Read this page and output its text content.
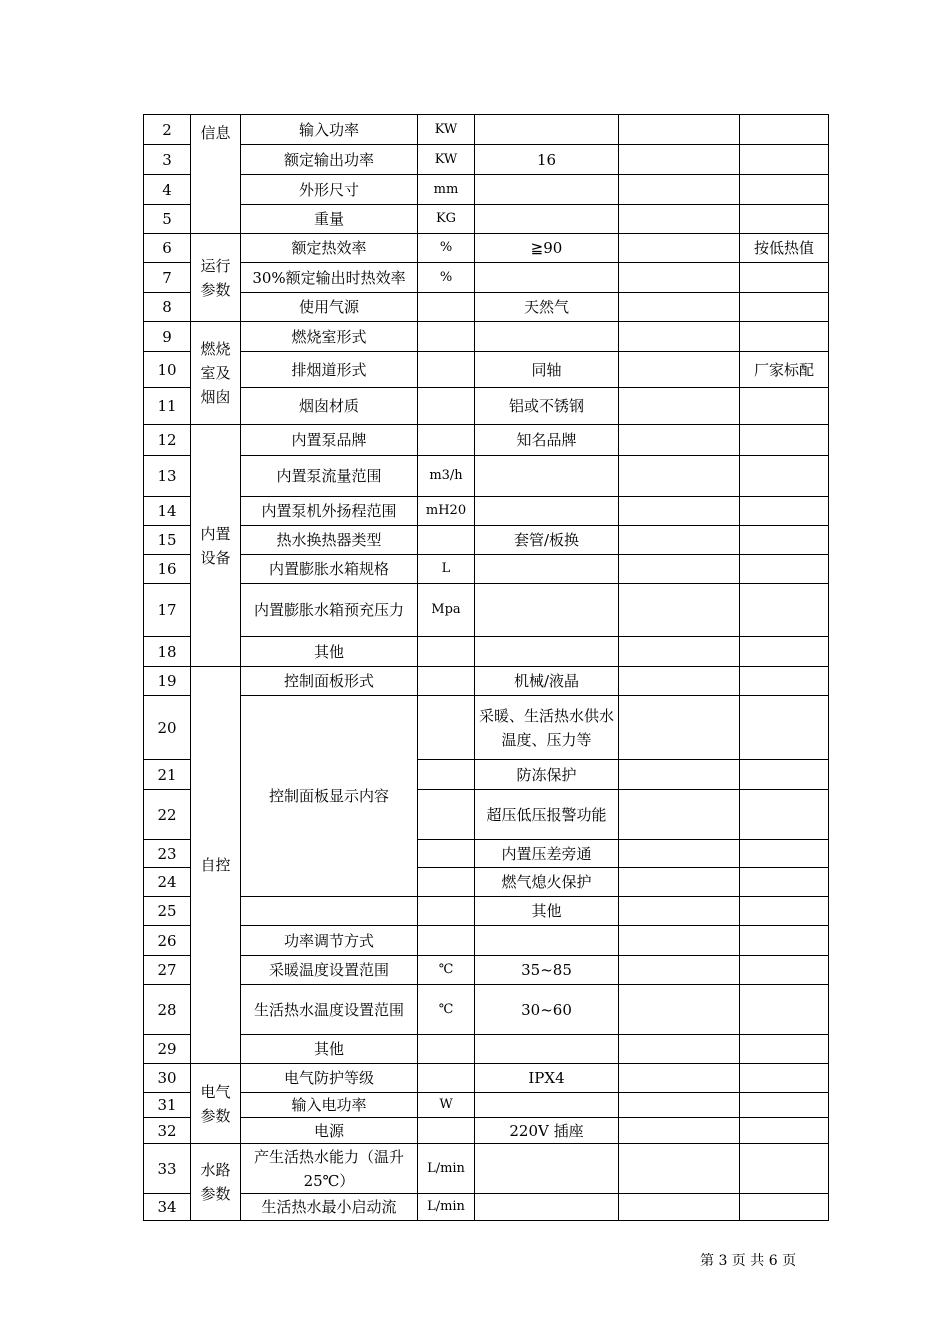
2	信息	输入功率	KW			
3		额定输出功率	KW	16		
4		外形尺寸	mm			
5		重量	KG			
6	运行参数	额定热效率	%	≧90		按低热值
7		30%额定输出时热效率	%			
8		使用气源		天然气		
9	燃烧室及烟囱	燃烧室形式				
10		排烟道形式		同轴		厂家标配
11		烟囱材质		铝或不锈钢		
12	内置设备	内置泵品牌		知名品牌		
13		内置泵流量范围	m3/h			
14		内置泵机外扬程范围	mH20			
15		热水换热器类型		套管/板换		
16		内置膨胀水箱规格	L			
17		内置膨胀水箱预充压力	Mpa			
18		其他				
19	自控	控制面板形式		机械/液晶		
20		控制面板显示内容		采暖、生活热水供水温度、压力等		
21				防冻保护		
22				超压低压报警功能		
23				内置压差旁通		
24				燃气熄火保护		
25				其他		
26		功率调节方式				
27		采暖温度设置范围	℃	35~85		
28		生活热水温度设置范围	℃	30~60		
29		其他				
30	电气参数	电气防护等级		IPX4		
31		输入电功率	W			
32		电源		220V 插座		
33	水路参数	产生活热水能力（温升25℃）	L/min			
34		生活热水最小启动流	L/min			
第 3 页 共 6 页
